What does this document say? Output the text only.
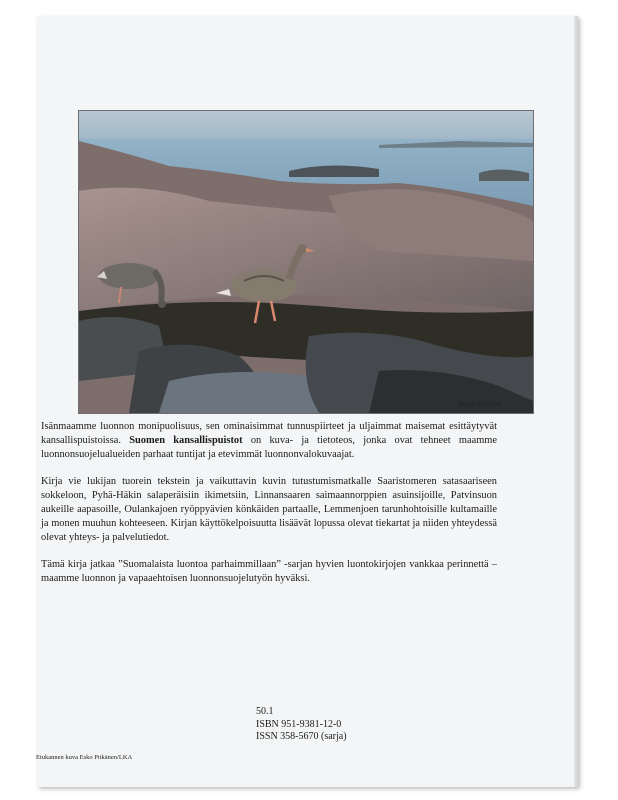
Seppo Keränen

Isänmaamme luonnon monipuolisuus, sen ominaisimmat tunnuspiirteet ja uljaimmat maisemat esittäytyvät kansallispuistoissa. Suomen kansallispuistot on kuva- ja tietoteos, jonka ovat tehneet maamme luonnonsuojelualueiden parhaat tuntijat ja etevimmät luonnonvalokuvaajat.

Kirja vie lukijan tuorein tekstein ja vaikuttavin kuvin tutustumismatkalle Saaristomeren satasaariseen sokkeloon, Pyhä-Häkin salaperäisiin ikimetsiin, Linnansaaren saimaannorppien asuinsijoille, Patvinsuon aukeille aapasoille, Oulankajoen ryöppyävien könkäiden partaalle, Lemmenjoen tarunhohtoisille kultamaille ja monen muuhun kohteeseen. Kirjan käyttökelpoisuutta lisäävät lopussa olevat tiekartat ja niiden yhteydessä olevat yhteys- ja palvelutiedot.

Tämä kirja jatkaa ”Suomalaista luontoa parhaimmillaan” -sarjan hyvien luontokirjojen vankkaa perinnettä – maamme luonnon ja vapaaehtoisen luonnonsuojelutyön hyväksi.

50.1
ISBN 951-9381-12-0
ISSN 358-5670 (sarja)
Etukannen kuva Esko Pitkänen/LKA
